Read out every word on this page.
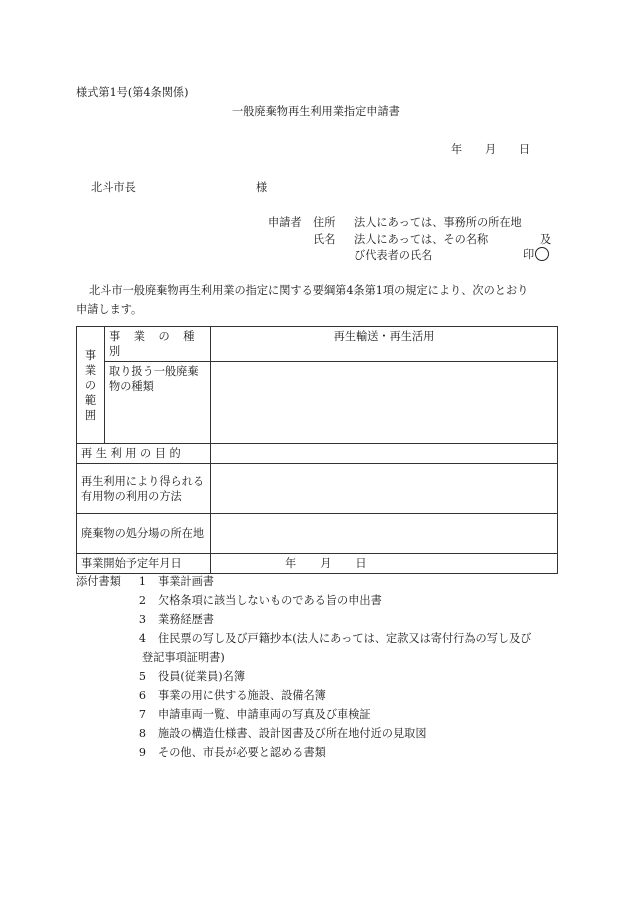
様式第1号(第4条関係)
一般廃棄物再生利用業指定申請書
年 月 日
北斗市長	様
申請者 住所 法人にあっては、事務所の所在地
氏名 法人にあっては、その名称	及
び代表者の氏名	印
北斗市一般廃棄物再生利用業の指定に関する要綱第4条第1項の規定により、次のとおり
申請します。
事業の範囲	事 業 の 種 別	再生輸送・再生活用
	取り扱う一般廃棄物の種類	
再 生 利 用 の 目 的		
再生利用により得られる有用物の利用の方法		
廃棄物の処分場の所在地		
事業開始予定年月日		年 月 日
添付書類	1 事業計画書
2 欠格条項に該当しないものである旨の申出書
3 業務経歴書
4 住民票の写し及び戸籍抄本(法人にあっては、定款又は寄付行為の写し及び
登記事項証明書)
5 役員(従業員)名簿
6 事業の用に供する施設、設備名簿
7 申請車両一覧、申請車両の写真及び車検証
8 施設の構造仕様書、設計図書及び所在地付近の見取図
9 その他、市長が必要と認める書類
